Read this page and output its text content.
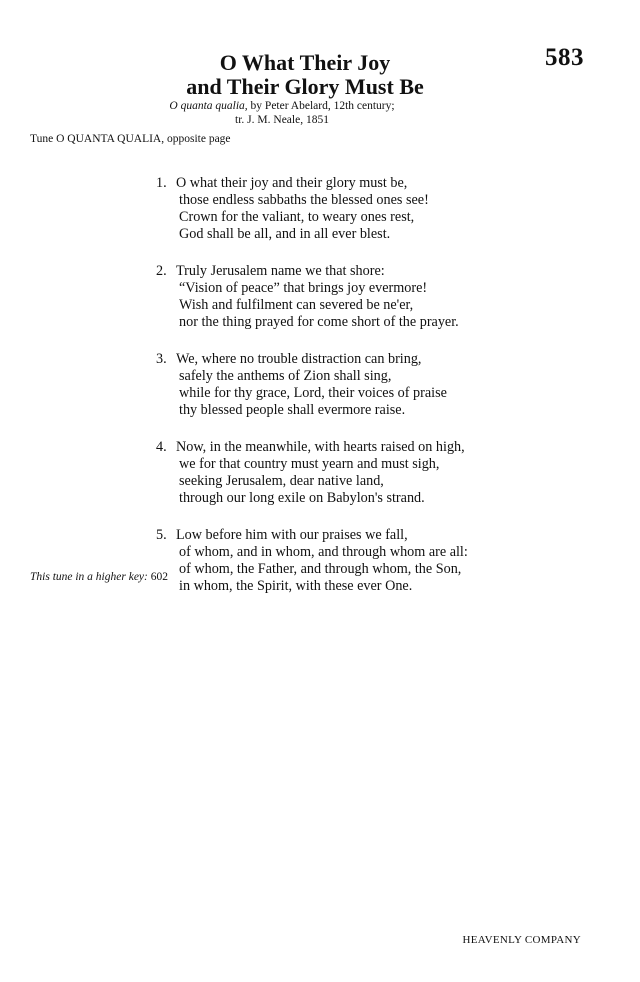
583
O What Their Joy
and Their Glory Must Be
O quanta qualia, by Peter Abelard, 12th century;
tr. J. M. Neale, 1851
Tune O QUANTA QUALIA, opposite page
1. O what their joy and their glory must be,
those endless sabbaths the blessed ones see!
Crown for the valiant, to weary ones rest,
God shall be all, and in all ever blest.
2. Truly Jerusalem name we that shore:
“Vision of peace” that brings joy evermore!
Wish and fulfilment can severed be ne'er,
nor the thing prayed for come short of the prayer.
3. We, where no trouble distraction can bring,
safely the anthems of Zion shall sing,
while for thy grace, Lord, their voices of praise
thy blessed people shall evermore raise.
4. Now, in the meanwhile, with hearts raised on high,
we for that country must yearn and must sigh,
seeking Jerusalem, dear native land,
through our long exile on Babylon's strand.
5. Low before him with our praises we fall,
of whom, and in whom, and through whom are all:
of whom, the Father, and through whom, the Son,
in whom, the Spirit, with these ever One.
This tune in a higher key: 602
HEAVENLY COMPANY
